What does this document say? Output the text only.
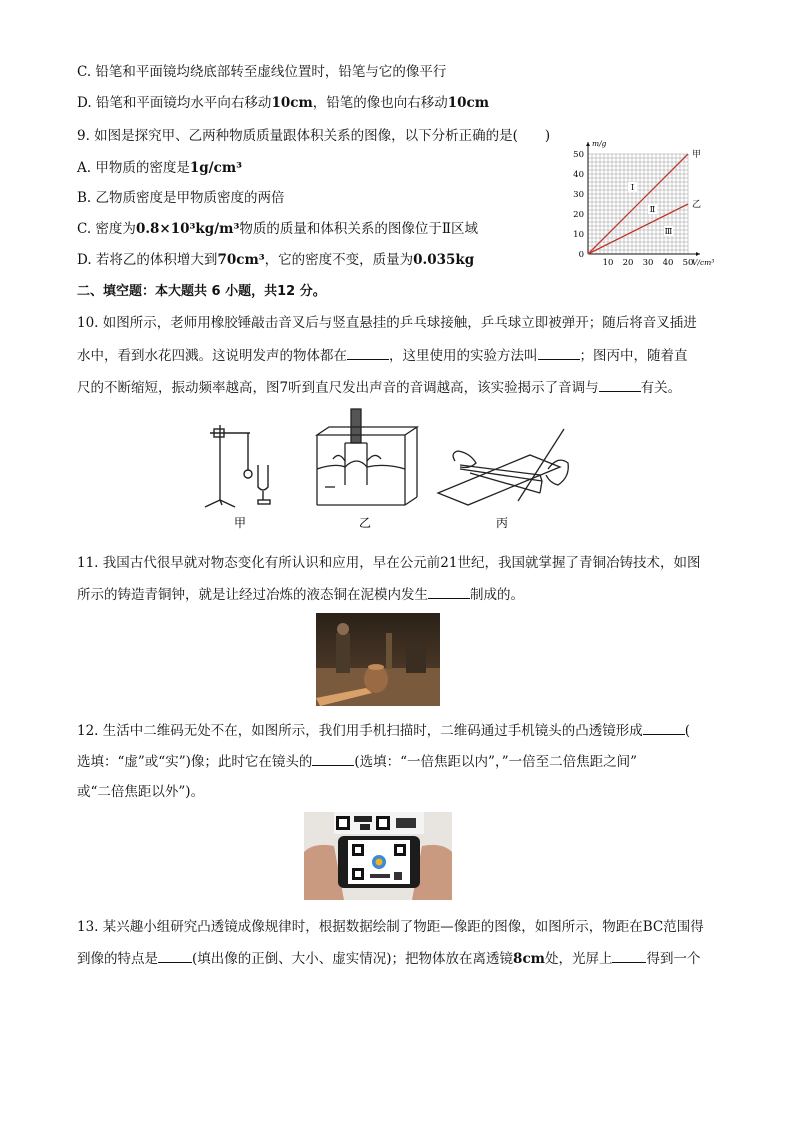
C. 铅笔和平面镜均绕底部转至虚线位置时，铅笔与它的像平行
D. 铅笔和平面镜均水平向右移动10cm，铅笔的像也向右移动10cm
9. 如图是探究甲、乙两种物质质量跟体积关系的图像，以下分析正确的是(　　)
A. 甲物质的密度是1g/cm³
B. 乙物质密度是甲物质密度的两倍
C. 密度为0.8×10³kg/m³物质的质量和体积关系的图像位于Ⅱ区域
D. 若将乙的体积增大到70cm³，它的密度不变，质量为0.035kg	10 20 30 40 50
0
10
20
30
40
50
V/cm³
m/g
甲
乙
Ⅰ
Ⅱ
Ⅲ
二、填空题：本大题共 6 小题，共12 分。
10. 如图所示，老师用橡胶锤敲击音叉后与竖直悬挂的乒乓球接触，乒乓球立即被弹开；随后将音叉插进
水中，看到水花四溅。这说明发声的物体都在	，这里使用的实验方法叫	；图丙中，随着直
尺的不断缩短，振动频率越高，图7听到直尺发出声音的音调越高，该实验揭示了音调与	有关。
甲	乙	丙
11. 我国古代很早就对物态变化有所认识和应用，早在公元前21世纪，我国就掌握了青铜冶铸技术，如图
所示的铸造青铜钟，就是让经过冶炼的液态铜在泥模内发生	制成的。
12. 生活中二维码无处不在，如图所示，我们用手机扫描时，二维码通过手机镜头的凸透镜形成	(
选填：“虚”或“实”)像；此时它在镜头的	(选填：“一倍焦距以内”，”一倍至二倍焦距之间”
或“二倍焦距以外”)。
13. 某兴趣小组研究凸透镜成像规律时，根据数据绘制了物距—像距的图像，如图所示，物距在BC范围得
到像的特点是	(填出像的正倒、大小、虚实情况)；把物体放在离透镜8cm处，光屏上	得到一个
